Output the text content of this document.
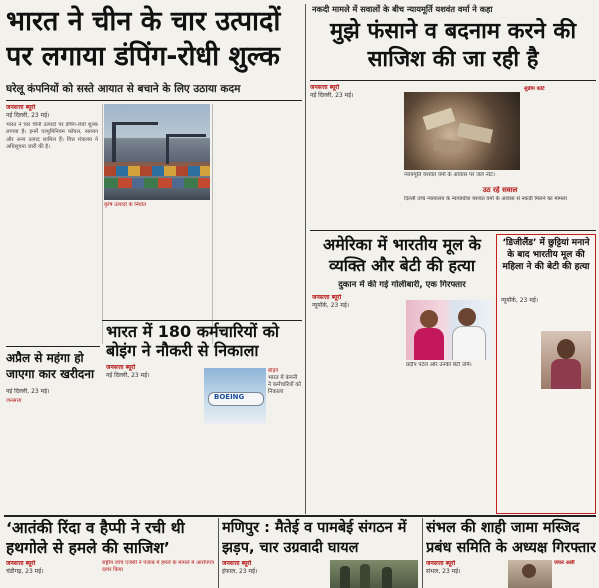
भारत ने चीन के चार उत्पादों पर लगाया डंपिंग-रोधी शुल्क
घरेलू कंपनियों को सस्ते आयात से बचाने के लिए उठाया कदम
जनसत्ता ब्यूरो
नई दिल्ली, 23 मई।
भारत ने चार चीनी उत्पादों पर डंपिंग-रोधी शुल्क लगाया है। इनमें एल्युमिनियम फॉयल, रसायन और अन्य उत्पाद शामिल हैं। वित्त मंत्रालय ने अधिसूचना जारी की है।
कृषि उत्पादों के निर्यात
अप्रैल से महंगा हो जाएगा कार खरीदना
नई दिल्ली, 23 मई।
जनसत्ता
भारत में 180 कर्मचारियों को बोइंग ने नौकरी से निकाला
जनसत्ता ब्यूरो
नई दिल्ली, 23 मई।
BOEING
बोइंग
भारत में कंपनी ने कर्मचारियों को निकाला
नकदी मामले में सवालों के बीच न्यायमूर्ति यशवंत वर्मा ने कहा
मुझे फंसाने व बदनाम करने की साजिश की जा रही है
जनसत्ता ब्यूरो
नई दिल्ली, 23 मई।
न्यायमूर्ति यशवंत वर्मा के आवास पर जले नोट।
सुप्रीम कोर्ट
उठ रहे सवाल
दिल्ली उच्च न्यायालय के न्यायाधीश यशवंत वर्मा के आवास से नकदी मिलने का मामला
अमेरिका में भारतीय मूल के व्यक्ति और बेटी की हत्या
दुकान में की गई गोलीबारी, एक गिरफ्तार
जनसत्ता ब्यूरो
न्यूयॉर्क, 23 मई।
प्रदीप पटेल और उनकी बेटी उर्मि।
‘डिजीलैंड’ में छुट्टियां मनाने के बाद भारतीय मूल की महिला ने की बेटी की हत्या
न्यूयॉर्क, 23 मई।
‘आतंकी रिंदा व हैप्पी ने रची थी हथगोले से हमले की साजिश’
जनसत्ता ब्यूरो
चंडीगढ़, 23 मई।
राष्ट्रीय जांच एजंसी ने पंजाब में हमले के मामले में आरोपपत्र दायर किया
मणिपुर : मैतेई व पामबेई संगठन में झड़प, चार उग्रवादी घायल
जनसत्ता ब्यूरो
इंफाल, 23 मई।
संभल की शाही जामा मस्जिद प्रबंध समिति के अध्यक्ष गिरफ्तार
जनसत्ता ब्यूरो
संभल, 23 मई।
जफर अली
